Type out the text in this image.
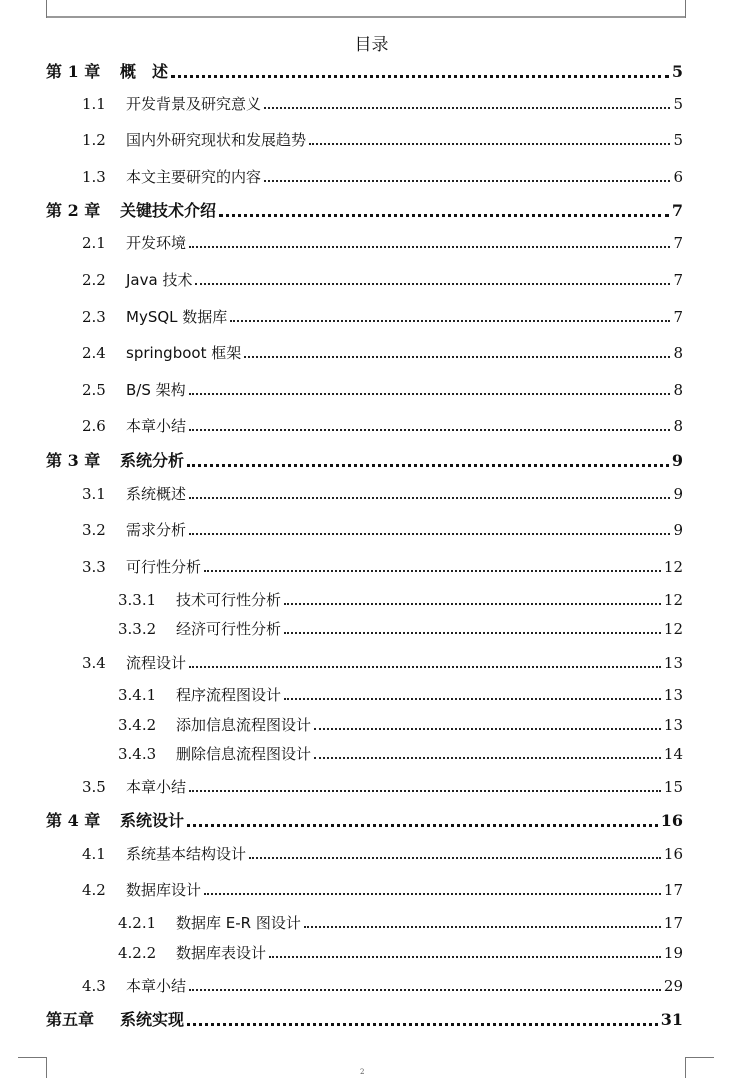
目录
第 1 章	概　述	5
1.1	开发背景及研究意义	5
1.2	国内外研究现状和发展趋势	5
1.3	本文主要研究的内容	6
第 2 章	关键技术介绍	7
2.1	开发环境	7
2.2	Java 技术	7
2.3	MySQL 数据库	7
2.4	springboot 框架	8
2.5	B/S 架构	8
2.6	本章小结	8
第 3 章	系统分析	9
3.1	系统概述	9
3.2	需求分析	9
3.3	可行性分析	12
3.3.1	技术可行性分析	12
3.3.2	经济可行性分析	12
3.4	流程设计	13
3.4.1	程序流程图设计	13
3.4.2	添加信息流程图设计	13
3.4.3	删除信息流程图设计	14
3.5	本章小结	15
第 4 章	系统设计	16
4.1	系统基本结构设计	16
4.2	数据库设计	17
4.2.1	数据库 E-R 图设计	17
4.2.2	数据库表设计	19
4.3	本章小结	29
第五章	系统实现	31
2
